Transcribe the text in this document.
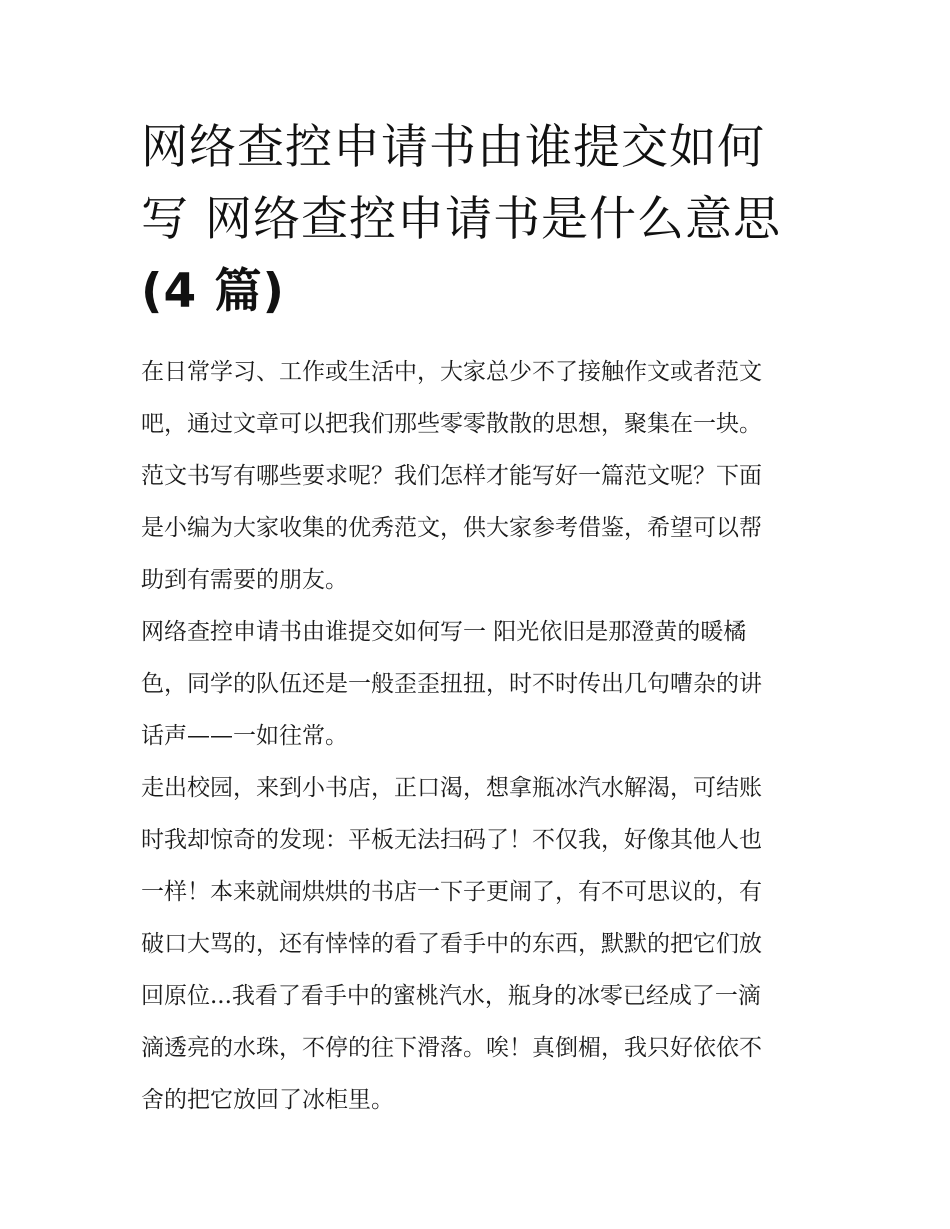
网络查控申请书由谁提交如何
写 网络查控申请书是什么意思
(4 篇)

在日常学习、工作或生活中，大家总少不了接触作文或者范文
吧，通过文章可以把我们那些零零散散的思想，聚集在一块。
范文书写有哪些要求呢？我们怎样才能写好一篇范文呢？下面
是小编为大家收集的优秀范文，供大家参考借鉴，希望可以帮
助到有需要的朋友。

网络查控申请书由谁提交如何写一 阳光依旧是那澄黄的暖橘
色，同学的队伍还是一般歪歪扭扭，时不时传出几句嘈杂的讲
话声——一如往常。

走出校园，来到小书店，正口渴，想拿瓶冰汽水解渴，可结账
时我却惊奇的发现：平板无法扫码了！不仅我，好像其他人也
一样！本来就闹烘烘的书店一下子更闹了，有不可思议的，有
破口大骂的，还有悻悻的看了看手中的东西，默默的把它们放
回原位...我看了看手中的蜜桃汽水，瓶身的冰零已经成了一滴
滴透亮的水珠，不停的往下滑落。唉！真倒楣，我只好依依不
舍的把它放回了冰柜里。
